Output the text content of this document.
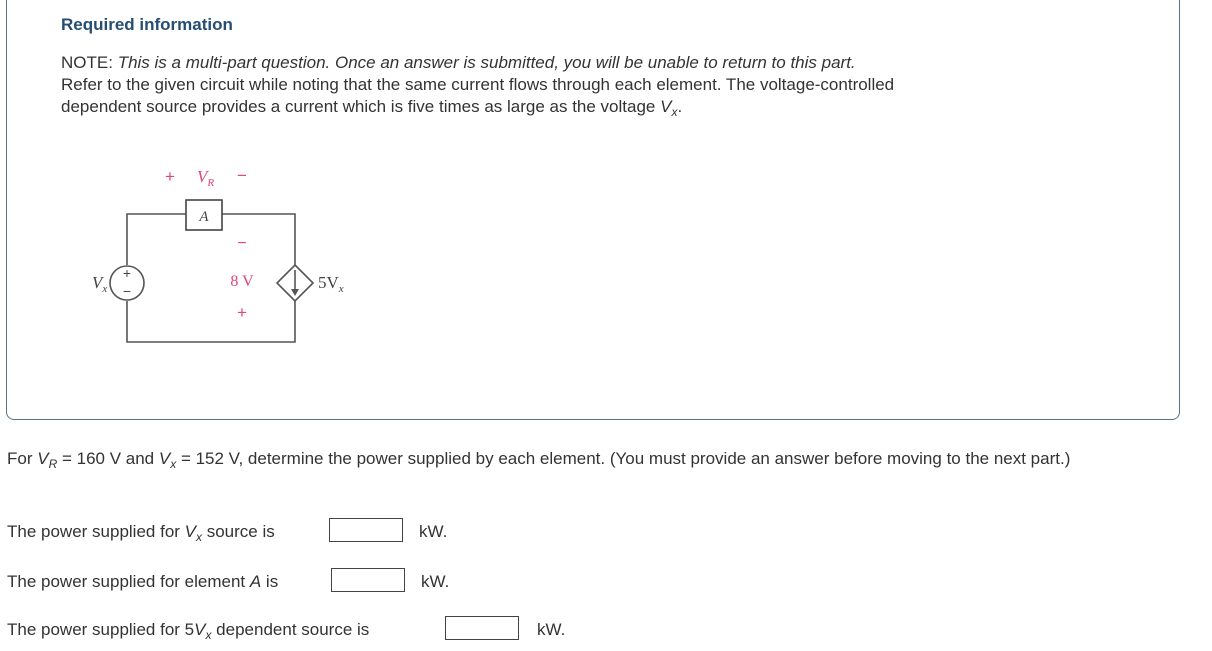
Required information

NOTE: This is a multi-part question. Once an answer is submitted, you will be unable to return to this part.

Refer to the given circuit while noting that the same current flows through each element. The voltage-controlled

dependent source provides a current which is five times as large as the voltage $V_x$.

A
+
−
$V_x$
+ $V_R$ −
−
8 V
+
$5V_x$
For $V_R = 160$ V and $V_x = 152$ V, determine the power supplied by each element. (You must provide an answer before moving to the next part.)
The power supplied for $V_x$ source is	kW.
The power supplied for element A is	kW.
The power supplied for $5V_x$ dependent source is	kW.
